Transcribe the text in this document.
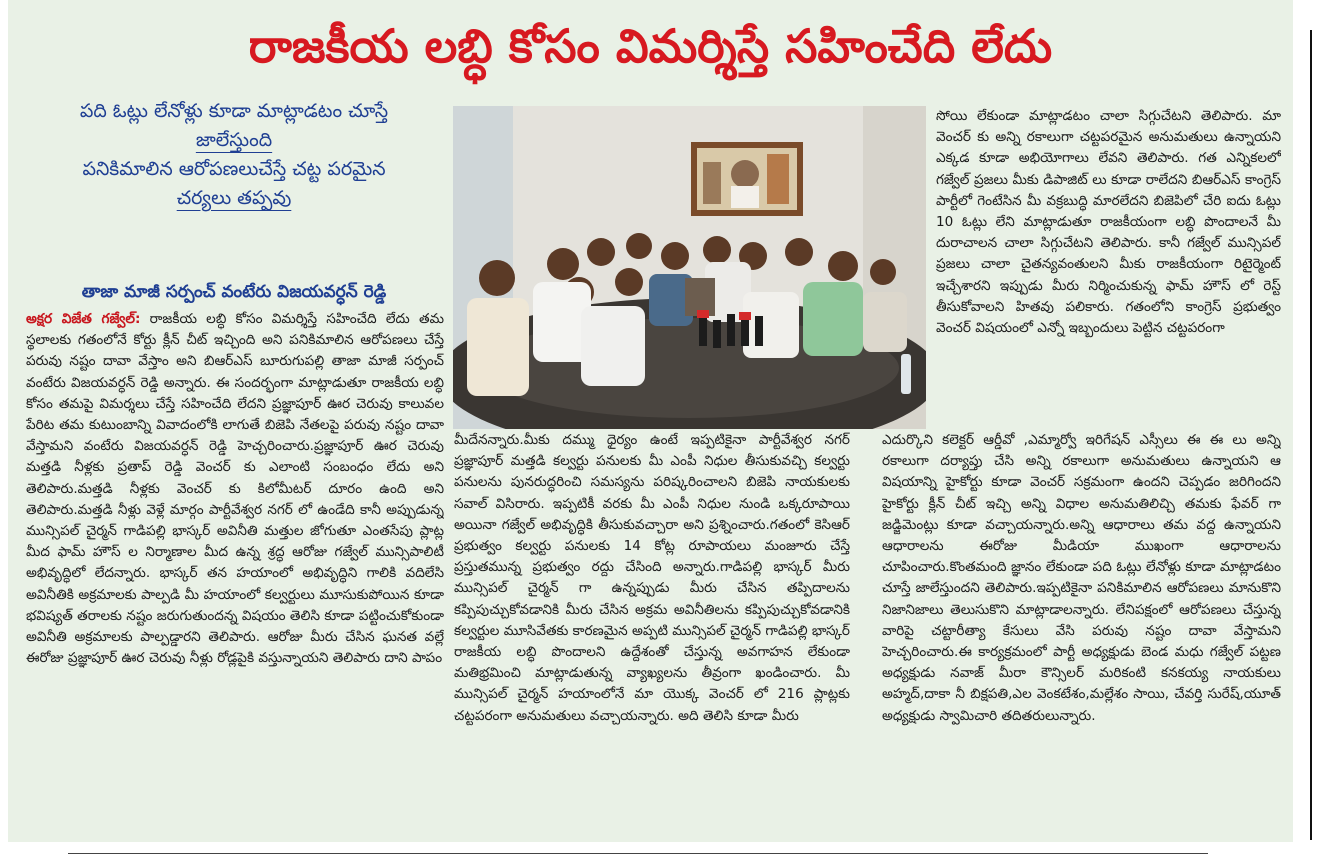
రాజకీయ లబ్ధి కోసం విమర్శిస్తే సహించేది లేదు
పది ఓట్లు లేనోళ్లు కూడా మాట్లాడటం చూస్తే
జాలేస్తుంది
పనికిమాలిన ఆరోపణలుచేస్తే చట్ట పరమైన
చర్యలు తప్పవు
తాజా మాజీ సర్పంచ్ వంటేరు విజయవర్ధన్ రెడ్డి

అక్షర విజేత గజ్వేల్: రాజకీయ లబ్ధి కోసం విమర్శిస్తే సహించేది లేదు తమ స్థలాలకు గతంలోనే కోర్టు క్లీన్ చీట్ ఇచ్చింది అని పనికిమాలిన ఆరోపణలు చేస్తే పరువు నష్టం దావా వేస్తాం అని బిఆర్ఎస్ బూరుగుపల్లి తాజా మాజీ సర్పంచ్ వంటేరు విజయవర్ధన్ రెడ్డి అన్నారు. ఈ సందర్భంగా మాట్లాడుతూ రాజకీయ లబ్ధి కోసం తమపై విమర్శలు చేస్తే సహించేది లేదని ప్రజ్ఞాపూర్ ఊర చెరువు కాలువల పేరిట తమ కుటుంబాన్ని వివాదంలోకి లాగుతే బిజెపి నేతలపై పరువు నష్టం దావా వేస్తామని వంటేరు విజయవర్ధన్ రెడ్డి హెచ్చరించారు.ప్రజ్ఞాపూర్ ఊర చెరువు మత్తడి నీళ్లకు ప్రతాప్ రెడ్డి వెంచర్ కు ఎలాంటి సంబంధం లేదు అని తెలిపారు.మత్తడి నీళ్లకు వెంచర్ కు కిలోమీటర్ దూరం ఉంది అని తెలిపారు.మత్తడి నీళ్లు వెళ్లే మార్గం పార్టీవేశ్వర నగర్ లో ఉండేది కానీ అప్పుడున్న మున్సిపల్ చైర్మన్ గాడిపల్లి భాస్కర్ అవినీతి మత్తుల జోగుతూ ఎంతసేపు ప్లాట్ల మీద ఫామ్ హౌస్ ల నిర్మాణాల మీద ఉన్న శ్రద్ధ ఆరోజు గజ్వేల్ మున్సిపాలిటీ అభివృద్ధిలో లేదన్నారు. భాస్కర్ తన హయాంలో అభివృద్ధిని గాలికి వదిలేసి అవినీతికి అక్రమాలకు పాల్పడి మీ హయాంలో కల్వర్టులు మూసుకుపోయిన కూడా భవిష్యత్ తరాలకు నష్టం జరుగుతుందన్న విషయం తెలిసి కూడా పట్టించుకోకుండా అవినీతి అక్రమాలకు పాల్పడ్డారని తెలిపారు. ఆరోజు మీరు చేసిన ఘనత వల్లే ఈరోజు ప్రజ్ఞాపూర్ ఊర చెరువు నీళ్లు రోడ్లపైకి వస్తున్నాయని తెలిపారు దాని పాపం

మీదేనన్నారు.మీకు దమ్ము ధైర్యం ఉంటే ఇప్పటికైనా పార్టీవేశ్వర నగర్ ప్రజ్ఞాపూర్ మత్తడి కల్వర్టు పనులకు మీ ఎంపీ నిధుల తీసుకువచ్చి కల్వర్టు పనులను పునరుద్ధరించి సమస్యను పరిష్కరించాలని బిజెపి నాయకులకు సవాల్ విసిరారు. ఇప్పటికీ వరకు మీ ఎంపీ నిధుల నుండి ఒక్కరూపాయి అయినా గజ్వేల్ అభివృద్ధికి తీసుకువచ్చారా అని ప్రశ్నించారు.గతంలో కెసిఆర్ ప్రభుత్వం కల్వర్టు పనులకు 14 కోట్ల రూపాయలు మంజూరు చేస్తే ప్రస్తుతమున్న ప్రభుత్వం రద్దు చేసింది అన్నారు.గాడిపల్లి భాస్కర్ మీరు మున్సిపల్ చైర్మన్ గా ఉన్నప్పుడు మీరు చేసిన తప్పిదాలను కప్పిపుచ్చుకోవడానికి మీరు చేసిన అక్రమ అవినీతిలను కప్పిపుచ్చుకోవడానికి కల్వర్టుల మూసివేతకు కారణమైన అప్పటి మున్సిపల్ చైర్మన్ గాడిపల్లి భాస్కర్ రాజకీయ లబ్ధి పొందాలని ఉద్దేశంతో చేస్తున్న అవగాహన లేకుండా మతిభ్రమించి మాట్లాడుతున్న వ్యాఖ్యలను తీవ్రంగా ఖండించారు. మీ మున్సిపల్ చైర్మన్ హయాంలోనే మా యొక్క వెంచర్ లో 216 ప్లాట్లకు చట్టపరంగా అనుమతులు వచ్చాయన్నారు. అది తెలిసి కూడా మీరు

సోయి లేకుండా మాట్లాడటం చాలా సిగ్గుచేటని తెలిపారు. మా వెంచర్ కు అన్ని రకాలుగా చట్టపరమైన అనుమతులు ఉన్నాయని ఎక్కడ కూడా అభియోగాలు లేవని తెలిపారు. గత ఎన్నికలలో గజ్వేల్ ప్రజలు మీకు డిపాజిట్ లు కూడా రాలేదని బిఆర్ఎస్ కాంగ్రెస్ పార్టీలో గెంటేసిన మీ వక్రబుద్ధి మారలేదని బిజెపిలో చేరి ఐదు ఓట్లు 10 ఓట్లు లేని మాట్లాడుతూ రాజకీయంగా లబ్ధి పొందాలనే మీ దురాచాలన చాలా సిగ్గుచేటని తెలిపారు. కానీ గజ్వేల్ మున్సిపల్ ప్రజలు చాలా చైతన్యవంతులని మీకు రాజకీయంగా రిటైర్మెంట్ ఇచ్చేశారని ఇప్పుడు మీరు నిర్మించుకున్న ఫామ్ హౌస్ లో రెస్ట్ తీసుకోవాలని హితవు పలికారు. గతంలోని కాంగ్రెస్ ప్రభుత్వం వెంచర్ విషయంలో ఎన్నో ఇబ్బందులు పెట్టిన చట్టపరంగా

ఎదుర్కొని కలెక్టర్ ఆర్డీవో ,ఎమ్మార్వో ఇరిగేషన్ ఎస్సీలు ఈ ఈ లు అన్ని రకాలుగా దర్యాప్తు చేసి అన్ని రకాలుగా అనుమతులు ఉన్నాయని ఆ విషయాన్ని హైకోర్టు కూడా వెంచర్ సక్రమంగా ఉందని చెప్పడం జరిగిందని హైకోర్టు క్లీన్ చీట్ ఇచ్చి అన్ని విధాల అనుమతిలిచ్చి తమకు ఫేవర్ గా జడ్జిమెంట్లు కూడా వచ్చాయన్నారు.అన్ని ఆధారాలు తమ వద్ద ఉన్నాయని ఆధారాలను ఈరోజు మీడియా ముఖంగా ఆధారాలను చూపించారు.కొంతమంది జ్ఞానం లేకుండా పది ఓట్లు లేనోళ్లు కూడా మాట్లాడటం చూస్తే జాలేస్తుందని తెలిపారు.ఇప్పటికైనా పనికిమాలిన ఆరోపణలు మానుకొని నిజానిజాలు తెలుసుకొని మాట్లాడాలన్నారు. లేనిపక్షంలో ఆరోపణలు చేస్తున్న వారిపై చట్టారీత్యా కేసులు వేసి పరువు నష్టం దావా వేస్తామని హెచ్చరించారు.ఈ కార్యక్రమంలో పార్టీ అధ్యక్షుడు బెండ మధు గజ్వేల్ పట్టణ అధ్యక్షుడు నవాజ్ మీరా కౌన్సిలర్ మరికంటి కనకయ్య నాయకులు అహ్మద్,దాకా నీ బిక్షపతి,ఎల వెంకటేశం,మల్లేశం సాయి, చేవర్తి సురేష్,యూత్ అధ్యక్షుడు స్వామిచారి తదితరులున్నారు.
